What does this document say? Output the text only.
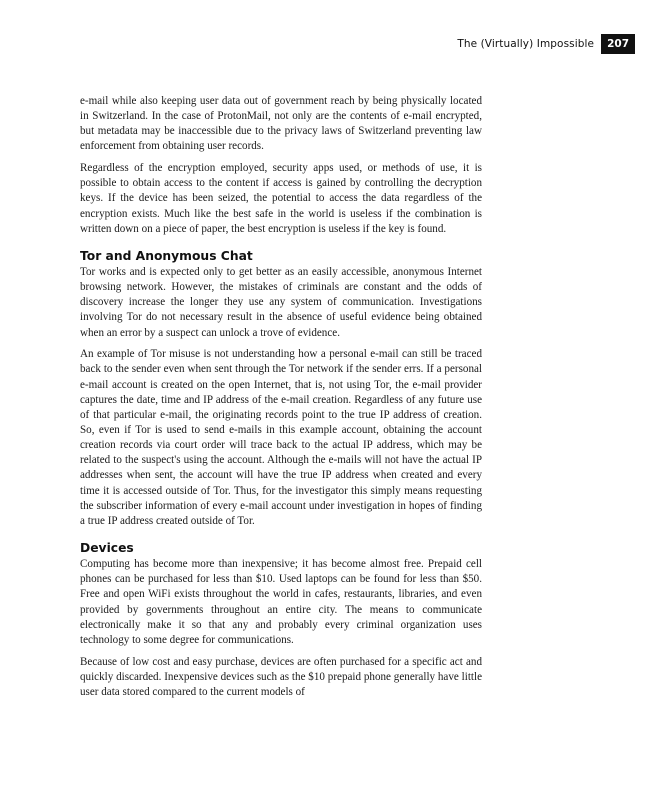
The (Virtually) Impossible	207

e-mail while also keeping user data out of government reach by being physically located in Switzerland. In the case of ProtonMail, not only are the contents of e-mail encrypted, but metadata may be inaccessible due to the privacy laws of Switzerland preventing law enforcement from obtaining user records.

Regardless of the encryption employed, security apps used, or methods of use, it is possible to obtain access to the content if access is gained by controlling the decryption keys. If the device has been seized, the potential to access the data regardless of the encryption exists. Much like the best safe in the world is useless if the combination is written down on a piece of paper, the best encryption is useless if the key is found.

Tor and Anonymous Chat

Tor works and is expected only to get better as an easily accessible, anonymous Internet browsing network. However, the mistakes of criminals are constant and the odds of discovery increase the longer they use any system of communication. Investigations involving Tor do not necessary result in the absence of useful evidence being obtained when an error by a suspect can unlock a trove of evidence.

An example of Tor misuse is not understanding how a personal e-mail can still be traced back to the sender even when sent through the Tor network if the sender errs. If a personal e-mail account is created on the open Internet, that is, not using Tor, the e-mail provider captures the date, time and IP address of the e-mail creation. Regardless of any future use of that particular e-mail, the originating records point to the true IP address of creation. So, even if Tor is used to send e-mails in this example account, obtaining the account creation records via court order will trace back to the actual IP address, which may be related to the suspect's using the account. Although the e-mails will not have the actual IP addresses when sent, the account will have the true IP address when created and every time it is accessed outside of Tor. Thus, for the investigator this simply means requesting the subscriber information of every e-mail account under investigation in hopes of finding a true IP address created outside of Tor.

Devices

Computing has become more than inexpensive; it has become almost free. Prepaid cell phones can be purchased for less than $10. Used laptops can be found for less than $50. Free and open WiFi exists throughout the world in cafes, restaurants, libraries, and even provided by governments throughout an entire city. The means to communicate electronically make it so that any and probably every criminal organization uses technology to some degree for communications.

Because of low cost and easy purchase, devices are often purchased for a specific act and quickly discarded. Inexpensive devices such as the $10 prepaid phone generally have little user data stored compared to the current models of
